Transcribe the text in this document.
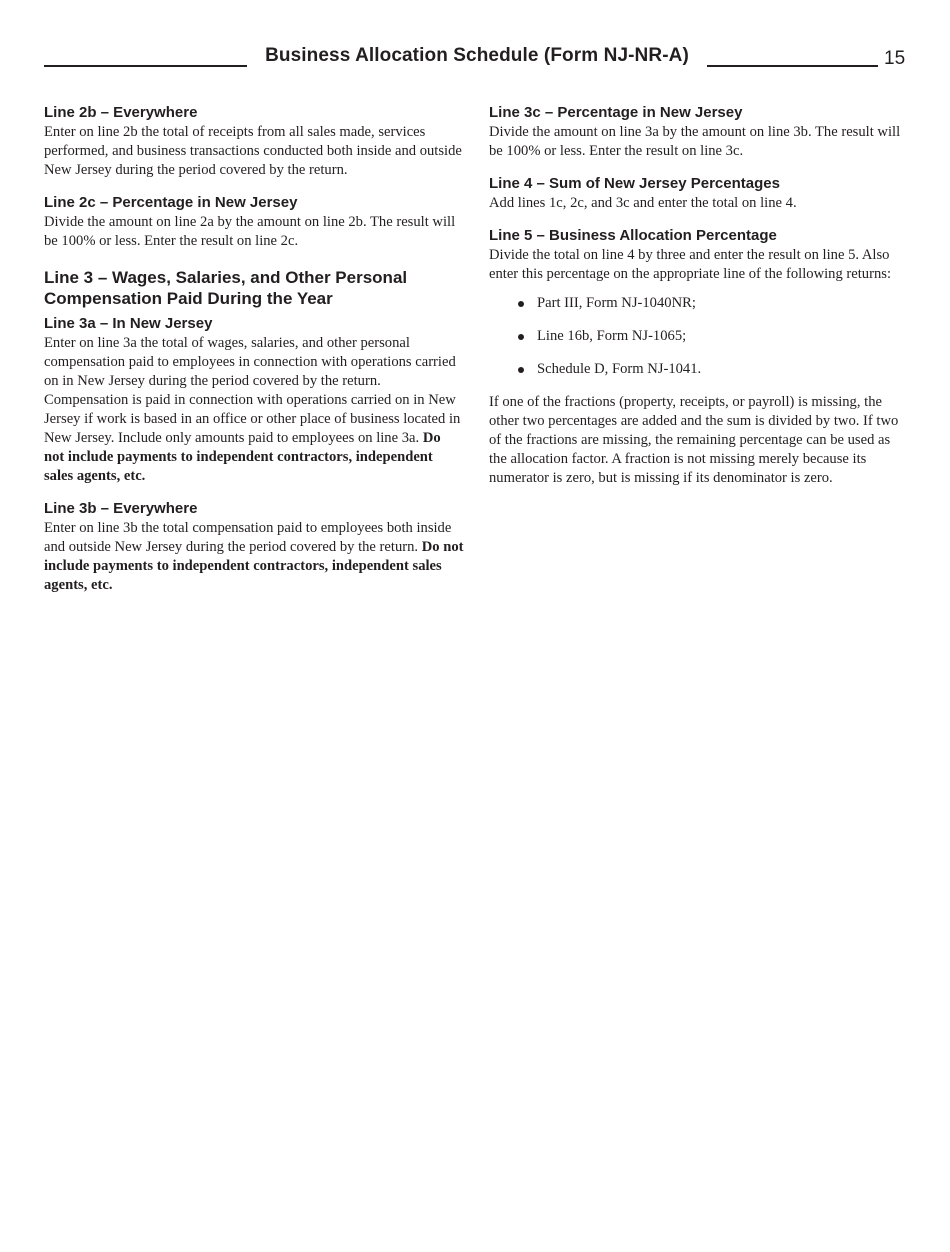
Business Allocation Schedule (Form NJ-NR-A)	15
Line 2b – Everywhere

Enter on line 2b the total of receipts from all sales made, services performed, and business transactions conducted both inside and outside New Jersey during the period covered by the return.

Line 2c – Percentage in New Jersey

Divide the amount on line 2a by the amount on line 2b. The result will be 100% or less. Enter the result on line 2c.

Line 3 – Wages, Salaries, and Other Personal Compensation Paid During the Year
Line 3a – In New Jersey

Enter on line 3a the total of wages, salaries, and other personal compensation paid to employees in connection with operations carried on in New Jersey during the period covered by the return. Compensation is paid in connection with operations carried on in New Jersey if work is based in an office or other place of business located in New Jersey. Include only amounts paid to employees on line 3a. Do not include payments to independent contractors, independent sales agents, etc.

Line 3b – Everywhere

Enter on line 3b the total compensation paid to employees both inside and outside New Jersey during the period covered by the return. Do not include payments to independent contractors, independent sales agents, etc.

Line 3c – Percentage in New Jersey

Divide the amount on line 3a by the amount on line 3b. The result will be 100% or less. Enter the result on line 3c.

Line 4 – Sum of New Jersey Percentages

Add lines 1c, 2c, and 3c and enter the total on line 4.

Line 5 – Business Allocation Percentage

Divide the total on line 4 by three and enter the result on line 5. Also enter this percentage on the appropriate line of the following returns:

Part III, Form NJ-1040NR;
Line 16b, Form NJ-1065;
Schedule D, Form NJ-1041.

If one of the fractions (property, receipts, or payroll) is missing, the other two percentages are added and the sum is divided by two. If two of the fractions are missing, the remaining percentage can be used as the allocation factor. A fraction is not missing merely because its numerator is zero, but is missing if its denominator is zero.
